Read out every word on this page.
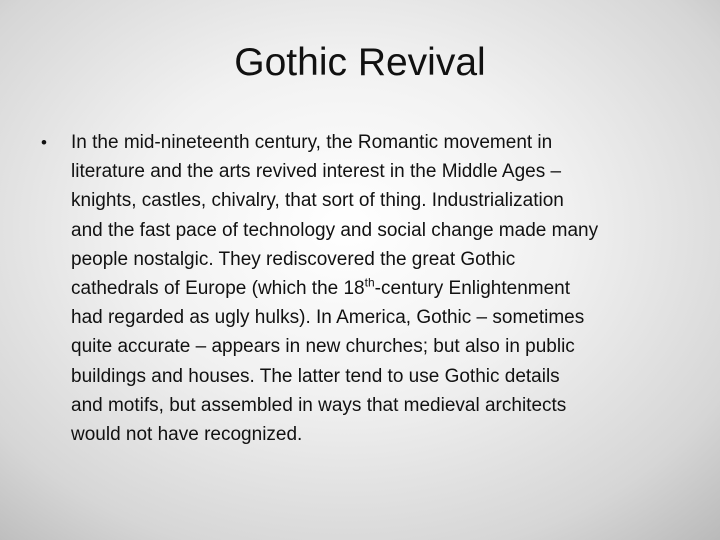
Gothic Revival
• In the mid-nineteenth century, the Romantic movement in
literature and the arts revived interest in the Middle Ages –
knights, castles, chivalry, that sort of thing. Industrialization
and the fast pace of technology and social change made many
people nostalgic. They rediscovered the great Gothic
cathedrals of Europe (which the 18th-century Enlightenment
had regarded as ugly hulks). In America, Gothic – sometimes
quite accurate – appears in new churches; but also in public
buildings and houses. The latter tend to use Gothic details
and motifs, but assembled in ways that medieval architects
would not have recognized.
